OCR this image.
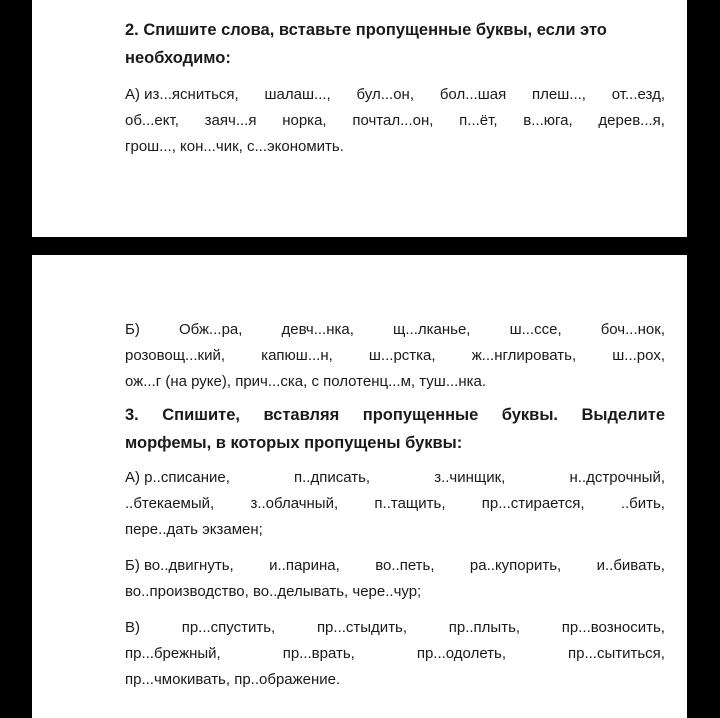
2. Спишите слова, вставьте пропущенные буквы, если это
необходимо:

А) из...ясниться, шалаш..., бул...он, бол...шая плеш..., от...езд,
об...ект, заяч...я норка, почтал...он, п...ёт, в...юга, дерев...я,
грош..., кон...чик, с...экономить.

Б)	Обж...ра,	девч...нка,	щ...лканье,	ш...ссе,	боч...нок,
розовощ...кий, капюш...н, ш...рстка, ж...нглировать, ш...рох,
ож...г (на руке), прич...ска, с полотенц...м, туш...нка.

3. Спишите, вставляя пропущенные буквы. Выделите
морфемы, в которых пропущены буквы:

А) р..списание,	п..дписать,	з..чинщик,	н..дстрочный,
..бтекаемый, з..облачный, п..тащить, пр...стирается, ..бить,
пере..дать экзамен;

Б) во..двигнуть, и..парина, во..петь, ра..купорить, и..бивать,
во..производство, во..делывать, чере..чур;

В)	пр...спустить,	пр...стыдить,	пр..плыть,	пр...возносить,
пр...брежный,	пр...врать,	пр...одолеть,	пр...сытиться,
пр...чмокивать, пр..ображение.
